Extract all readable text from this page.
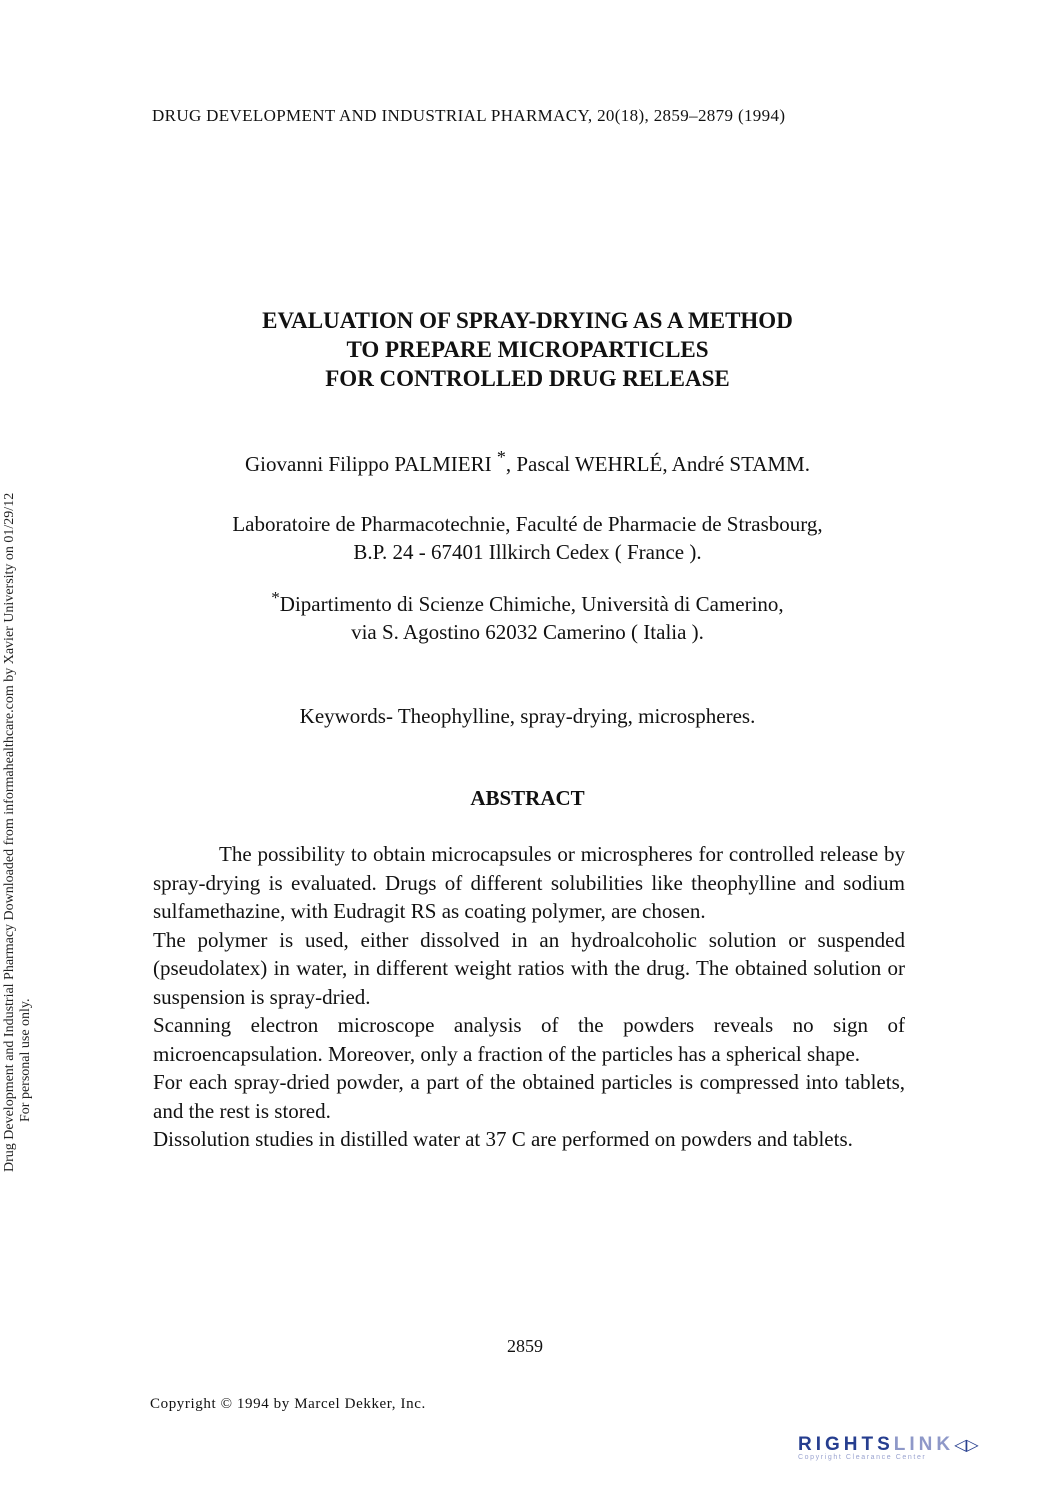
DRUG DEVELOPMENT AND INDUSTRIAL PHARMACY, 20(18), 2859–2879 (1994)
EVALUATION OF SPRAY-DRYING AS A METHOD
TO PREPARE MICROPARTICLES
FOR CONTROLLED DRUG RELEASE
Giovanni Filippo PALMIERI *, Pascal WEHRLÉ, André STAMM.
Laboratoire de Pharmacotechnie, Faculté de Pharmacie de Strasbourg,
B.P. 24 - 67401 Illkirch Cedex ( France ).
*Dipartimento di Scienze Chimiche, Università di Camerino,
via S. Agostino 62032 Camerino ( Italia ).
Keywords- Theophylline, spray-drying, microspheres.
ABSTRACT

The possibility to obtain microcapsules or microspheres for controlled release by spray-drying is evaluated. Drugs of different solubilities like theophylline and sodium sulfamethazine, with Eudragit RS as coating polymer, are chosen.

The polymer is used, either dissolved in an hydroalcoholic solution or suspended (pseudolatex) in water, in different weight ratios with the drug. The obtained solution or suspension is spray-dried.

Scanning electron microscope analysis of the powders reveals no sign of microencapsulation. Moreover, only a fraction of the particles has a spherical shape.

For each spray-dried powder, a part of the obtained particles is compressed into tablets, and the rest is stored.

Dissolution studies in distilled water at 37 C are performed on powders and tablets.

2859
Copyright © 1994 by Marcel Dekker, Inc.
Drug Development and Industrial Pharmacy Downloaded from informahealthcare.com by Xavier University on 01/29/12 For personal use only.
RIGHTSLINK◁▷
Copyright Clearance Center
